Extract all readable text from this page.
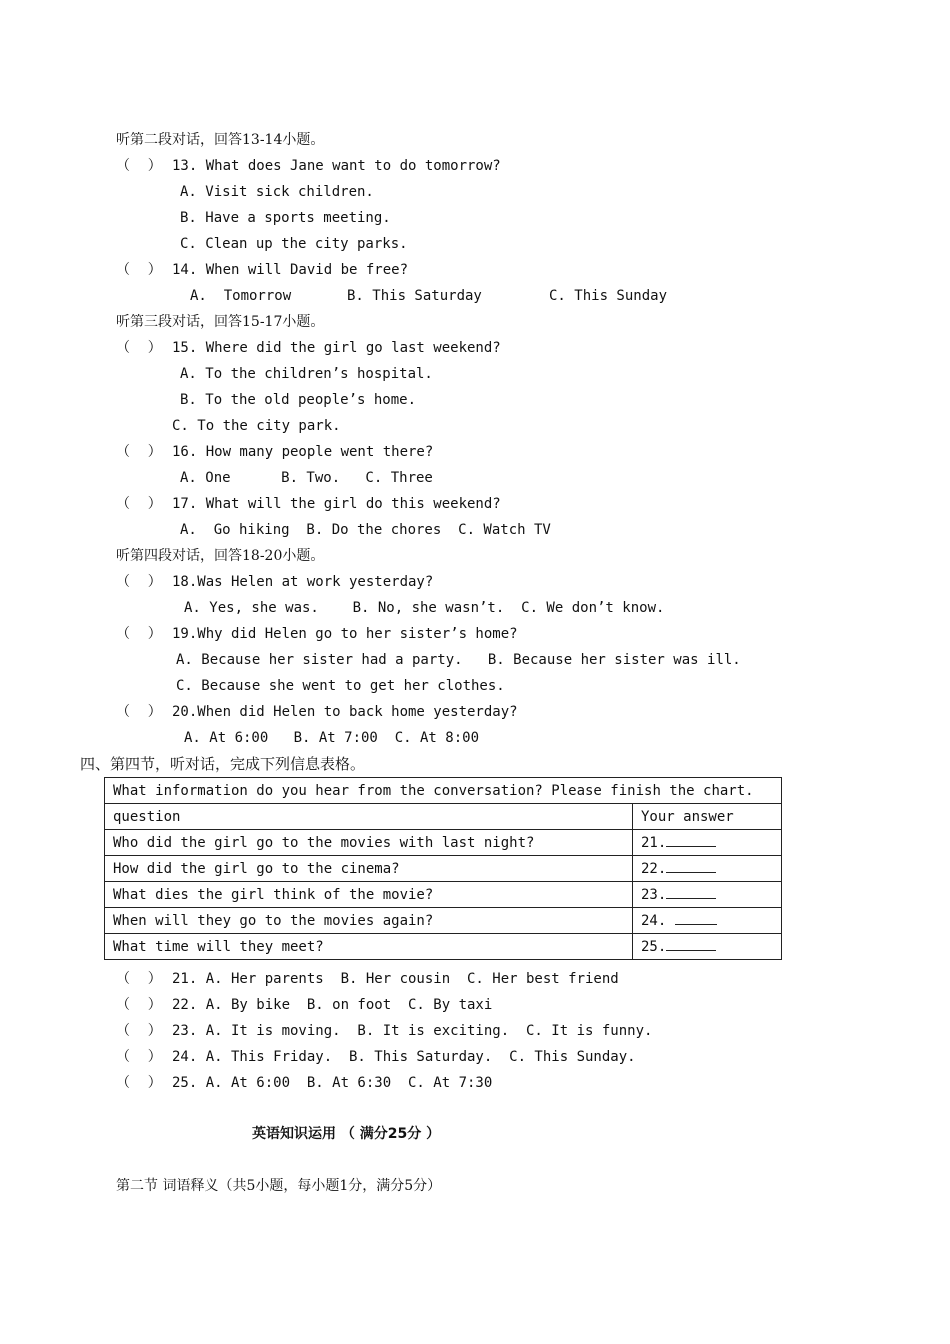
听第二段对话，回答13-14小题。
（    ） 13. What does Jane want to do tomorrow?
A. Visit sick children.
B. Have a sports meeting.
C. Clean up the city parks.
（    ） 14. When will David be free?
A.  Tomorrow	B. This Saturday	C. This Sunday
听第三段对话，回答15-17小题。
（    ） 15. Where did the girl go last weekend?
A. To the children’s hospital.
B. To the old people’s home.
C. To the city park.
（    ） 16. How many people went there?
A. One      B. Two.   C. Three
（    ） 17. What will the girl do this weekend?
A.  Go hiking  B. Do the chores  C. Watch TV
听第四段对话，回答18-20小题。
（    ） 18.Was Helen at work yesterday?
A. Yes, she was.    B. No, she wasn’t.  C. We don’t know.
（    ） 19.Why did Helen go to her sister’s home?
A. Because her sister had a party.   B. Because her sister was ill.
C. Because she went to get her clothes.
（    ） 20.When did Helen to back home yesterday?
A. At 6:00   B. At 7:00  C. At 8:00
四、第四节，听对话，完成下列信息表格。
What information do you hear from the conversation? Please finish the chart.	
question	Your answer
Who did the girl go to the movies with last night?	21.
How did the girl go to the cinema?	22.
What dies the girl think of the movie?	23.
When will they go to the movies again?	24.
What time will they meet?	25.
（    ） 21. A. Her parents  B. Her cousin  C. Her best friend
（    ） 22. A. By bike  B. on foot  C. By taxi
（    ） 23. A. It is moving.  B. It is exciting.  C. It is funny.
（    ） 24. A. This Friday.  B. This Saturday.  C. This Sunday.
（    ） 25. A. At 6:00  B. At 6:30  C. At 7:30
英语知识运用 （ 满分25分 ）
第二节 词语释义（共5小题，每小题1分，满分5分）
